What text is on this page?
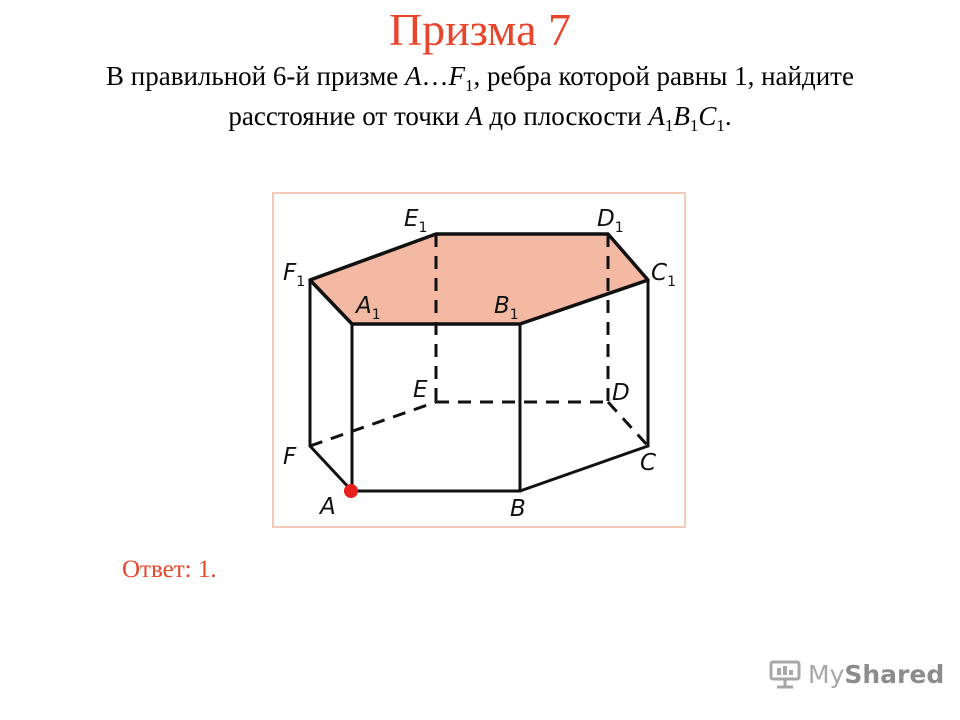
Призма 7
В правильной 6-й призме $A\dots F_1$, ребра которой равны 1, найдите
расстояние от точки A до плоскости $A_1B_1C_1$.
$E_1$	$D_1$
$F_1$	$C_1$
$A_1$	$B_1$
E	D
F	C
A	B
Ответ: 1.
MyShared
